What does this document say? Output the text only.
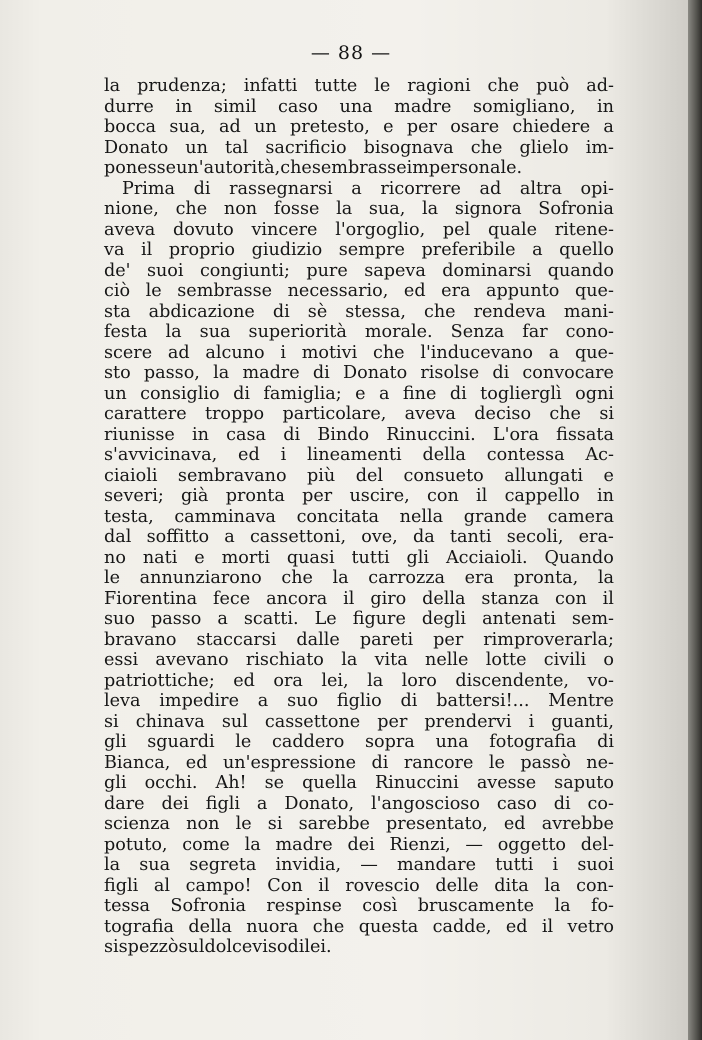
— 88 —
la prudenza; infatti tutte le ragioni che può ad-
durre in simil caso una madre somigliano, in
bocca sua, ad un pretesto, e per osare chiedere a
Donato un tal sacrificio bisognava che glielo im-
ponesse un'autorità, che sembrasse impersonale.
Prima di rassegnarsi a ricorrere ad altra opi-
nione, che non fosse la sua, la signora Sofronia
aveva dovuto vincere l'orgoglio, pel quale ritene-
va il proprio giudizio sempre preferibile a quello
de' suoi congiunti; pure sapeva dominarsi quando
ciò le sembrasse necessario, ed era appunto que-
sta abdicazione di sè stessa, che rendeva mani-
festa la sua superiorità morale. Senza far cono-
scere ad alcuno i motivi che l'inducevano a que-
sto passo, la madre di Donato risolse di convocare
un consiglio di famiglia; e a fine di toglierglì ogni
carattere troppo particolare, aveva deciso che si
riunisse in casa di Bindo Rinuccini. L'ora fissata
s'avvicinava, ed i lineamenti della contessa Ac-
ciaioli sembravano più del consueto allungati e
severi; già pronta per uscire, con il cappello in
testa, camminava concitata nella grande camera
dal soffitto a cassettoni, ove, da tanti secoli, era-
no nati e morti quasi tutti gli Acciaioli. Quando
le annunziarono che la carrozza era pronta, la
Fiorentina fece ancora il giro della stanza con il
suo passo a scatti. Le figure degli antenati sem-
bravano staccarsi dalle pareti per rimproverarla;
essi avevano rischiato la vita nelle lotte civili o
patriottiche; ed ora lei, la loro discendente, vo-
leva impedire a suo figlio di battersi!... Mentre
si chinava sul cassettone per prendervi i guanti,
gli sguardi le caddero sopra una fotografia di
Bianca, ed un'espressione di rancore le passò ne-
gli occhi. Ah! se quella Rinuccini avesse saputo
dare dei figli a Donato, l'angoscioso caso di co-
scienza non le si sarebbe presentato, ed avrebbe
potuto, come la madre dei Rienzi, — oggetto del-
la sua segreta invidia, — mandare tutti i suoi
figli al campo! Con il rovescio delle dita la con-
tessa Sofronia respinse così bruscamente la fo-
tografia della nuora che questa cadde, ed il vetro
si spezzò sul dolce viso di lei.
